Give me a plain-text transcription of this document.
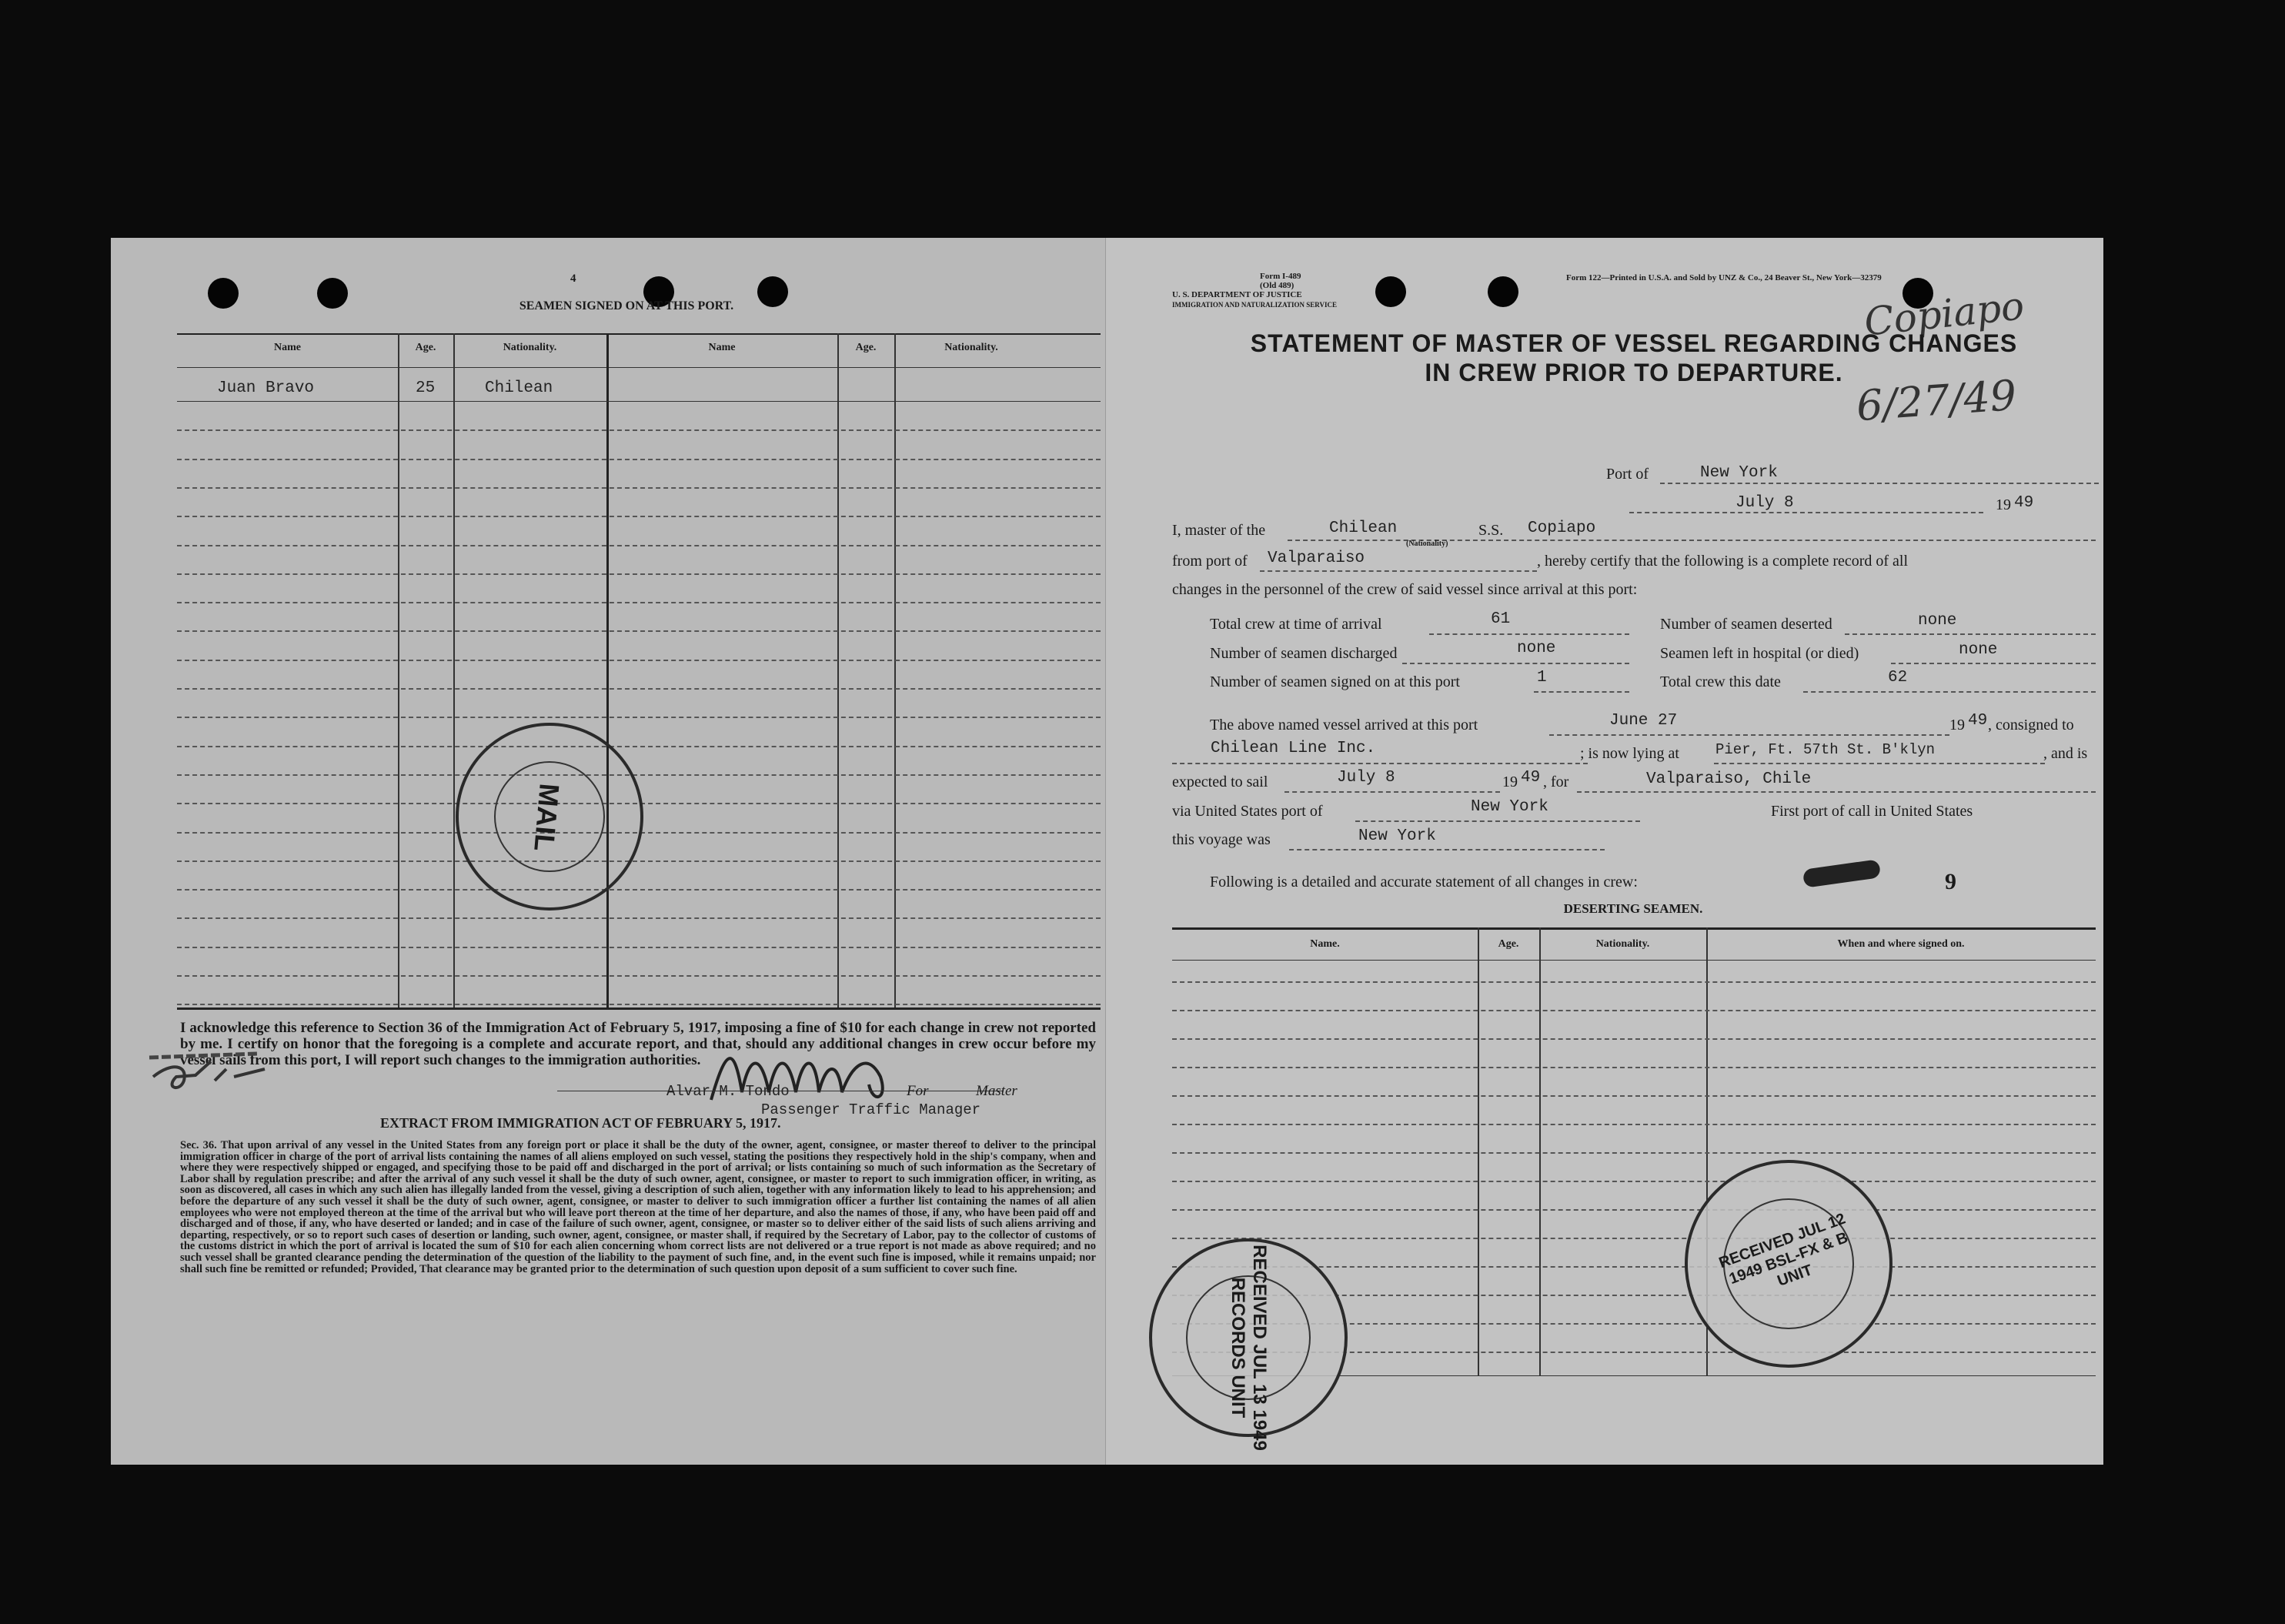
4
SEAMEN SIGNED ON AT THIS PORT.
Name	Age.	Nationality.	Name	Age.	Nationality.
Juan Bravo	25	Chilean
MAIL
I acknowledge this reference to Section 36 of the Immigration Act of February 5, 1917, imposing a fine of $10 for each change in crew not reported by me. I certify on honor that the foregoing is a complete and accurate report, and that, should any additional changes in crew occur before my vessel sails from this port, I will report such changes to the immigration authorities.
Alvar M. Tondo	For	Master
Passenger Traffic Manager
EXTRACT FROM IMMIGRATION ACT OF FEBRUARY 5, 1917.
Sec. 36. That upon arrival of any vessel in the United States from any foreign port or place it shall be the duty of the owner, agent, consignee, or master thereof to deliver to the principal immigration officer in charge of the port of arrival lists containing the names of all aliens employed on such vessel, stating the positions they respectively hold in the ship's company, when and where they were respectively shipped or engaged, and specifying those to be paid off and discharged in the port of arrival; or lists containing so much of such information as the Secretary of Labor shall by regulation prescribe; and after the arrival of any such vessel it shall be the duty of such owner, agent, consignee, or master to report to such immigration officer, in writing, as soon as discovered, all cases in which any such alien has illegally landed from the vessel, giving a description of such alien, together with any information likely to lead to his apprehension; and before the departure of any such vessel it shall be the duty of such owner, agent, consignee, or master to deliver to such immigration officer a further list containing the names of all alien employees who were not employed thereon at the time of the arrival but who will leave port thereon at the time of her departure, and also the names of those, if any, who have been paid off and discharged and of those, if any, who have deserted or landed; and in case of the failure of such owner, agent, consignee, or master so to deliver either of the said lists of such aliens arriving and departing, respectively, or so to report such cases of desertion or landing, such owner, agent, consignee, or master shall, if required by the Secretary of Labor, pay to the collector of customs of the customs district in which the port of arrival is located the sum of $10 for each alien concerning whom correct lists are not delivered or a true report is not made as above required; and no such vessel shall be granted clearance pending the determination of the question of the liability to the payment of such fine, and, in the event such fine is imposed, while it remains unpaid; nor shall such fine be remitted or refunded; Provided, That clearance may be granted prior to the determination of such question upon deposit of a sum sufficient to cover such fine.
Form I-489
(Old 489)
Form 122—Printed in U.S.A. and Sold by UNZ & Co., 24 Beaver St., New York—32379
U. S. DEPARTMENT OF JUSTICE
IMMIGRATION AND NATURALIZATION SERVICE	Copiapo
6/27/49
STATEMENT OF MASTER OF VESSEL REGARDING CHANGES
IN CREW PRIOR TO DEPARTURE.
Port of	New York
July 8	19 49
I, master of the	Chilean
(Nationality)
S.S. Copiapo
from port of Valparaiso	, hereby certify that the following is a complete record of all
changes in the personnel of the crew of said vessel since arrival at this port:
Total crew at time of arrival	61	Number of seamen deserted	none
Number of seamen discharged	none	Seamen left in hospital (or died)	none
Number of seamen signed on at this port	1	Total crew this date	62
The above named vessel arrived at this port	June 27	19 49 , consigned to
Chilean Line Inc.	; is now lying at Pier, Ft. 57th St. B'klyn	, and is
expected to sail	July 8	19 49 , for	Valparaiso, Chile
via United States port of	New York	First port of call in United States
this voyage was	New York
Following is a detailed and accurate statement of all changes in crew:	9
DESERTING SEAMEN.
Name.	Age.	Nationality.	When and where signed on.
RECEIVED JUL 13 1949 RECORDS UNIT
RECEIVED JUL 12 1949 BSL-FX & B UNIT
